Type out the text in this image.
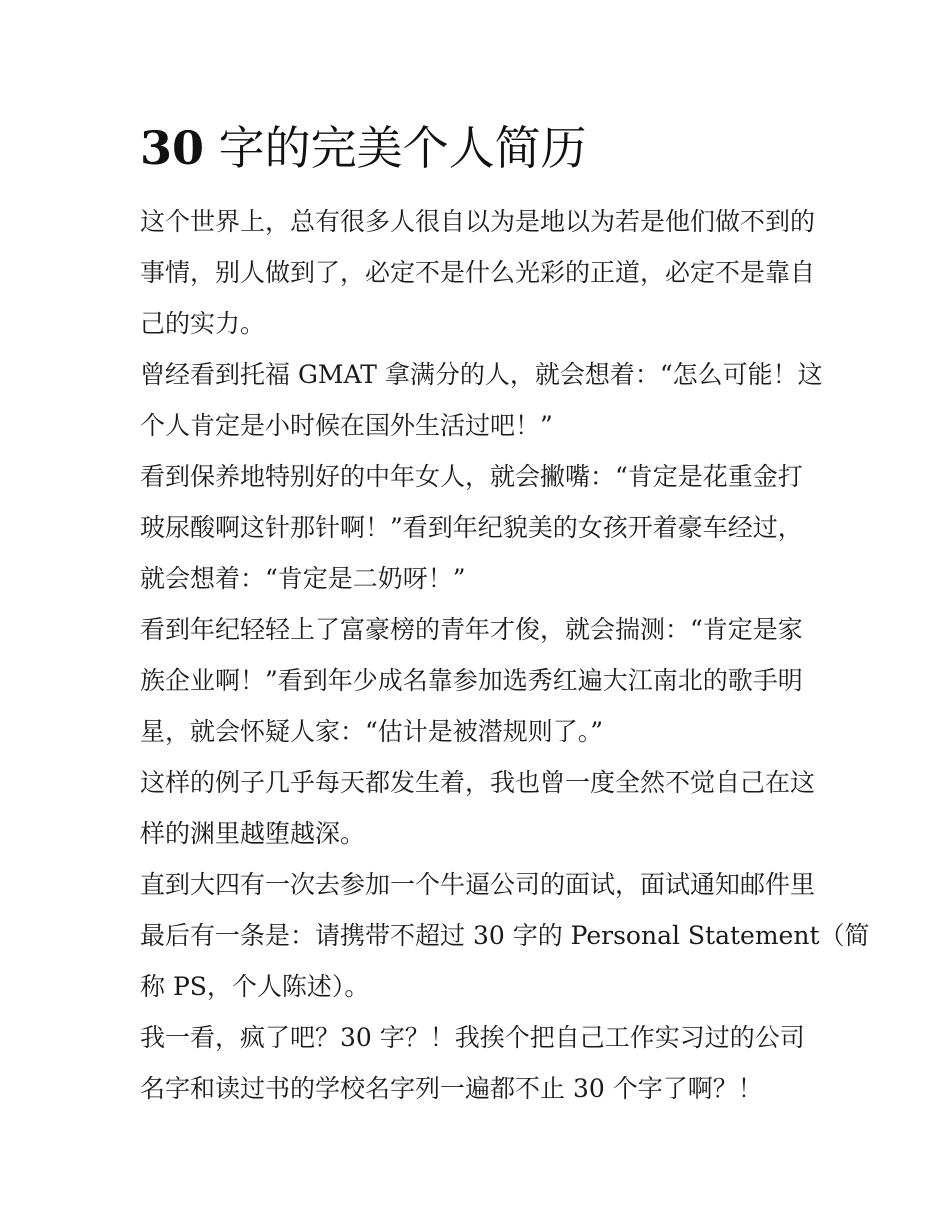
30 字的完美个人简历
这个世界上，总有很多人很自以为是地以为若是他们做不到的
事情，别人做到了，必定不是什么光彩的正道，必定不是靠自
己的实力。
曾经看到托福 GMAT 拿满分的人，就会想着：“怎么可能！这
个人肯定是小时候在国外生活过吧！”
看到保养地特别好的中年女人，就会撇嘴：“肯定是花重金打
玻尿酸啊这针那针啊！”看到年纪貌美的女孩开着豪车经过，
就会想着：“肯定是二奶呀！”
看到年纪轻轻上了富豪榜的青年才俊，就会揣测：“肯定是家
族企业啊！”看到年少成名靠参加选秀红遍大江南北的歌手明
星，就会怀疑人家：“估计是被潜规则了。”
这样的例子几乎每天都发生着，我也曾一度全然不觉自己在这
样的渊里越堕越深。
直到大四有一次去参加一个牛逼公司的面试，面试通知邮件里
最后有一条是：请携带不超过 30 字的 Personal Statement（简
称 PS，个人陈述）。
我一看，疯了吧？30 字？！我挨个把自己工作实习过的公司
名字和读过书的学校名字列一遍都不止 30 个字了啊？！
